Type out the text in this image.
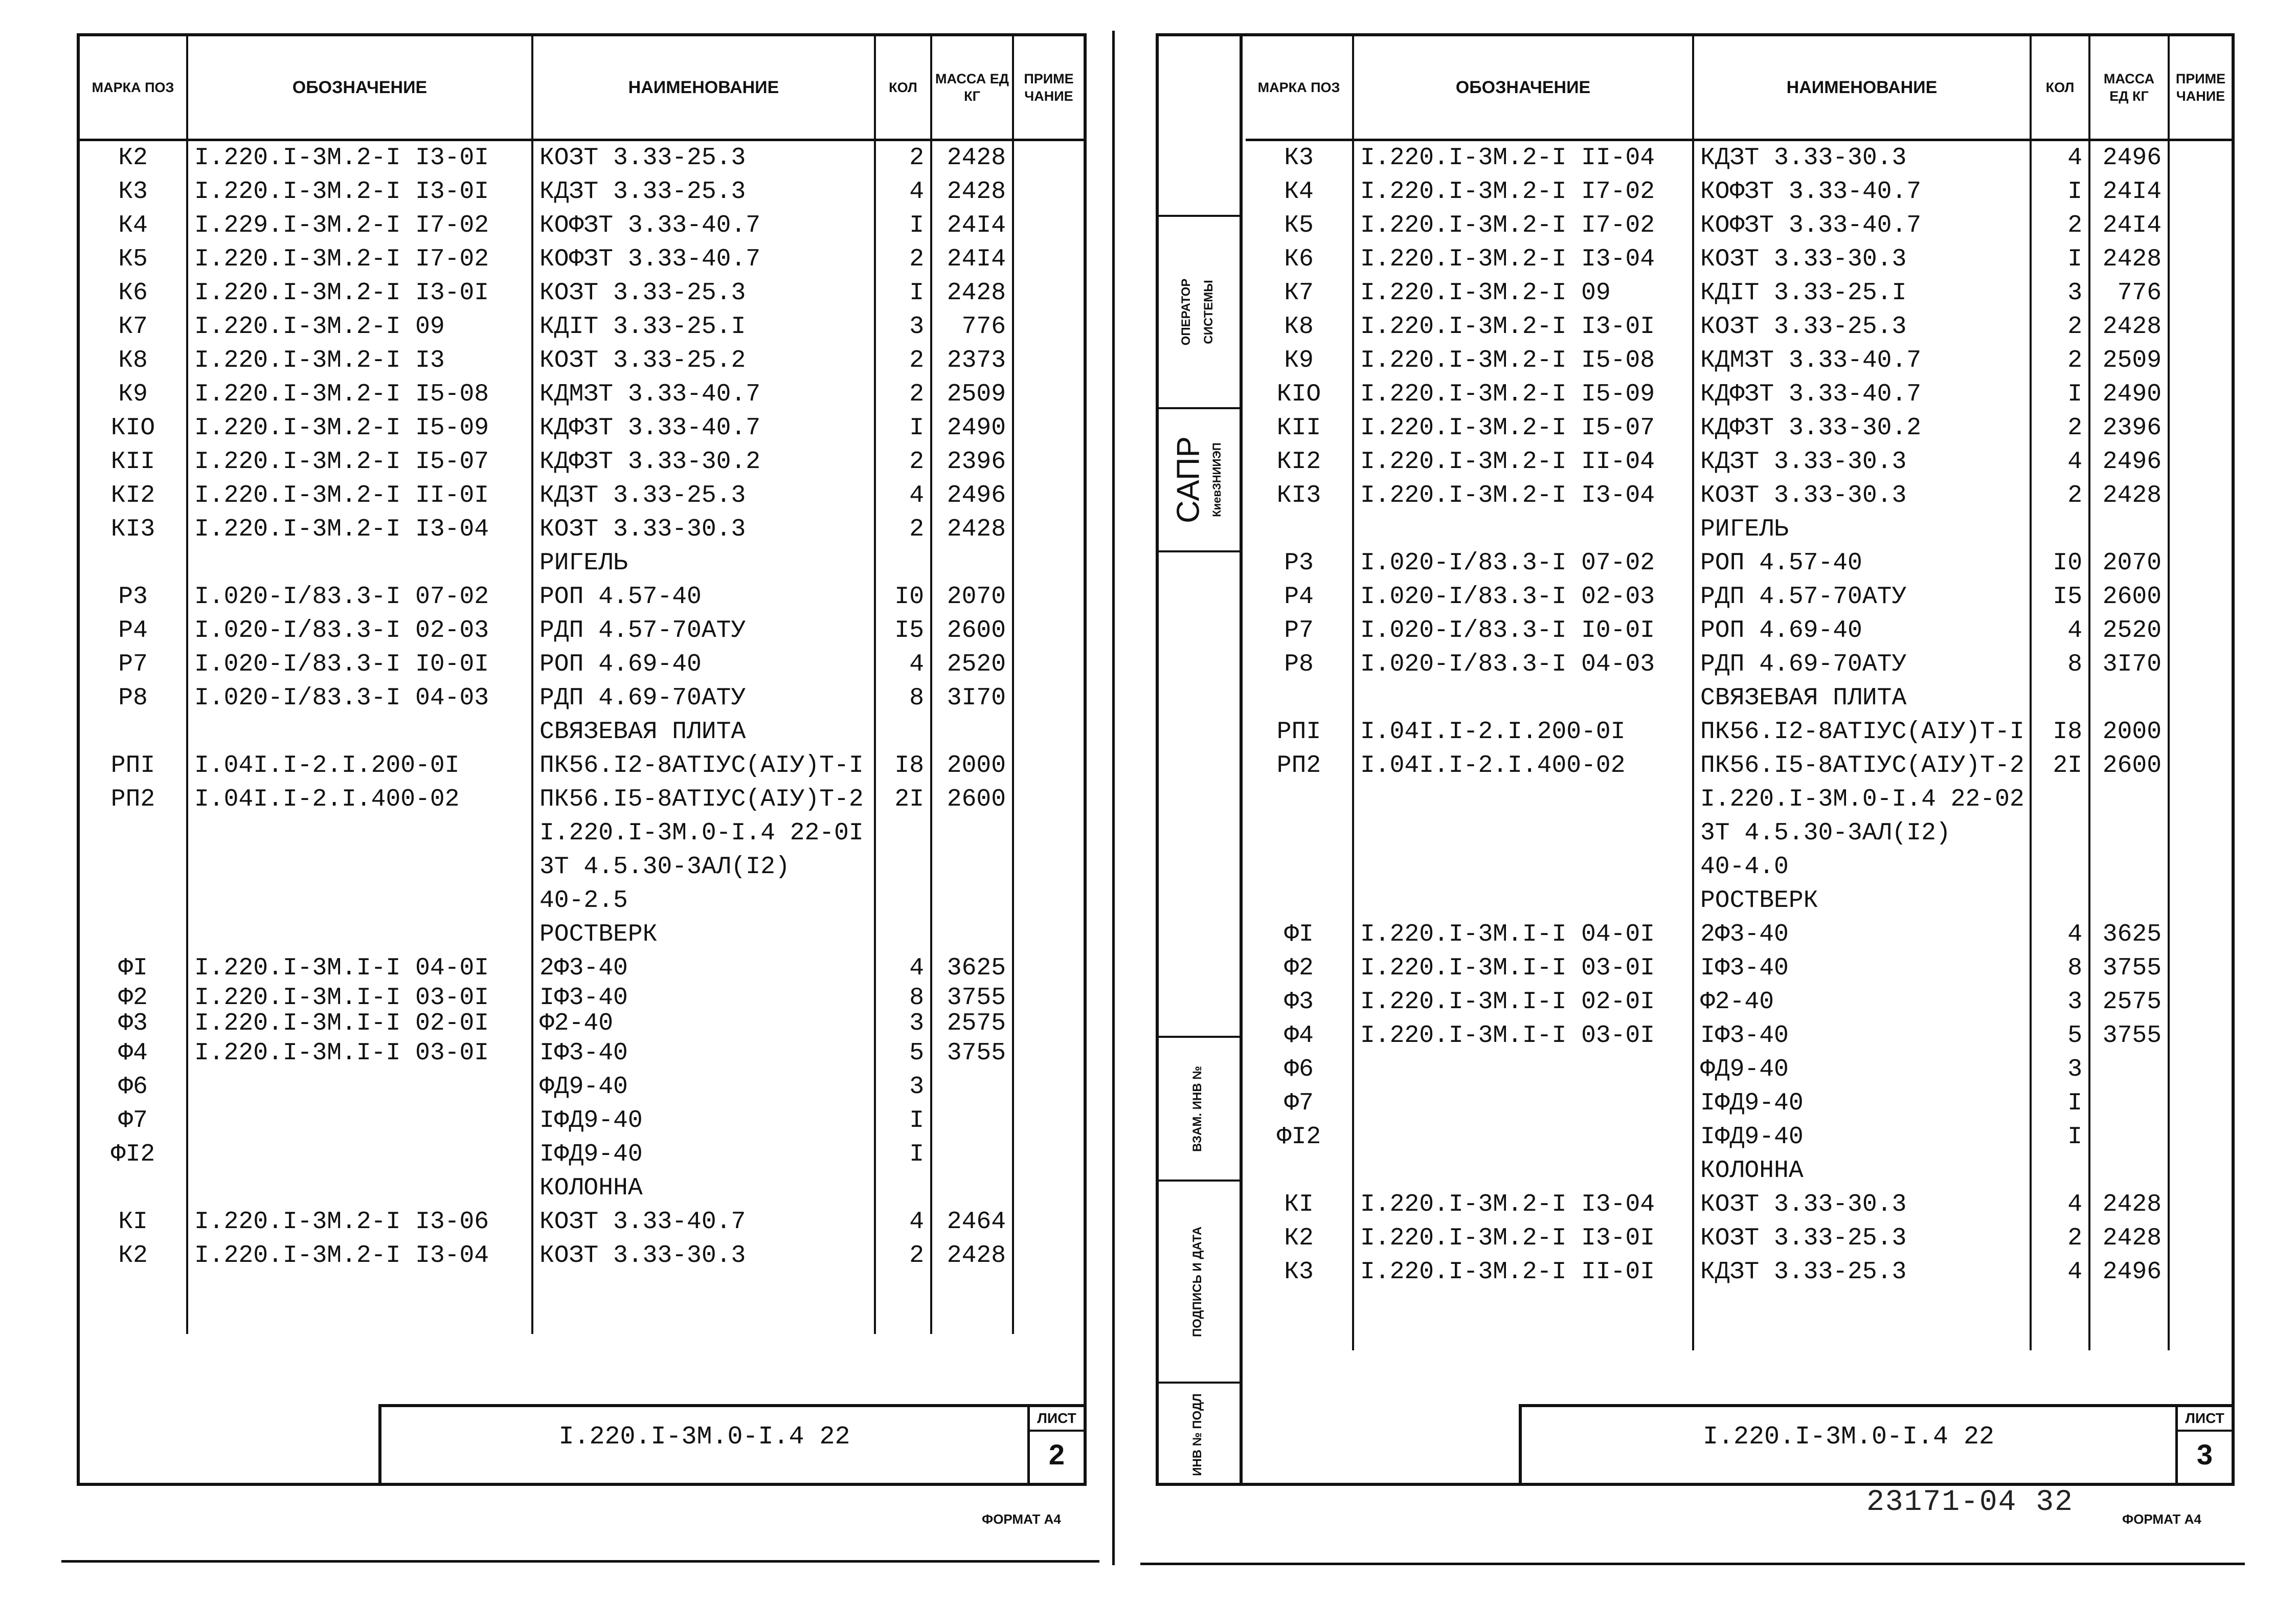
МАРКА ПОЗ	ОБОЗНАЧЕНИЕ	НАИМЕНОВАНИЕ	КОЛ	МАССА ЕД КГ	ПРИМЕ ЧАНИЕ
К2	I.220.I-3M.2-I I3-0I	КОЗТ 3.33-25.3	2	2428	
К3	I.220.I-3M.2-I I3-0I	КДЗТ 3.33-25.3	4	2428	
К4	I.229.I-3M.2-I I7-02	КОФЗТ 3.33-40.7	I	24I4	
К5	I.220.I-3M.2-I I7-02	КОФЗТ 3.33-40.7	2	24I4	
К6	I.220.I-3M.2-I I3-0I	КОЗТ 3.33-25.3	I	2428	
К7	I.220.I-3M.2-I 09	КДIТ 3.33-25.I	3	776	
К8	I.220.I-3M.2-I I3	КОЗТ 3.33-25.2	2	2373	
К9	I.220.I-3M.2-I I5-08	КДМЗТ 3.33-40.7	2	2509	
КIО	I.220.I-3M.2-I I5-09	КДФЗТ 3.33-40.7	I	2490	
КII	I.220.I-3M.2-I I5-07	КДФЗТ 3.33-30.2	2	2396	
КI2	I.220.I-3M.2-I II-0I	КДЗТ 3.33-25.3	4	2496	
КI3	I.220.I-3M.2-I I3-04	КОЗТ 3.33-30.3	2	2428	
		РИГЕЛЬ			
Р3	I.020-I/83.3-I 07-02	РОП 4.57-40	I0	2070	
Р4	I.020-I/83.3-I 02-03	РДП 4.57-70АТУ	I5	2600	
Р7	I.020-I/83.3-I I0-0I	РОП 4.69-40	4	2520	
Р8	I.020-I/83.3-I 04-03	РДП 4.69-70АТУ	8	3I70	
		СВЯЗЕВАЯ ПЛИТА			
РПI	I.04I.I-2.I.200-0I	ПК56.I2-8АТIУС(АIУ)Т-I	I8	2000	
РП2	I.04I.I-2.I.400-02	ПК56.I5-8АТIУС(АIУ)Т-2	2I	2600	
		I.220.I-3M.0-I.4 22-0I			
		3Т 4.5.30-3АЛ(I2)			
		40-2.5			
		РОСТВЕРК			
ФI	I.220.I-3M.I-I 04-0I	2Ф3-40	4	3625	
Ф2	I.220.I-3M.I-I 03-0I	IФ3-40	8	3755	
Ф3	I.220.I-3M.I-I 02-0I	Ф2-40	3	2575	
Ф4	I.220.I-3M.I-I 03-0I	IФ3-40	5	3755	
Ф6		ФД9-40	3		
Ф7		IФД9-40	I		
ФI2		IФД9-40	I		
		КОЛОННА			
КI	I.220.I-3M.2-I I3-06	КОЗТ 3.33-40.7	4	2464	
К2	I.220.I-3M.2-I I3-04	КОЗТ 3.33-30.3	2	2428	

I.220.I-3M.0-I.4 22
ЛИСТ
2
ФОРМАТ А4
ОПЕРАТОР СИСТЕМЫ
САПР КиевЗНИИЭП
ВЗАМ. ИНВ №
ПОДПИСЬ И ДАТА
ИНВ № ПОДЛ
МАРКА ПОЗ	ОБОЗНАЧЕНИЕ	НАИМЕНОВАНИЕ	КОЛ	МАССА ЕД КГ	ПРИМЕ ЧАНИЕ
К3	I.220.I-3M.2-I II-04	КДЗТ 3.33-30.3	4	2496	
К4	I.220.I-3M.2-I I7-02	КОФЗТ 3.33-40.7	I	24I4	
К5	I.220.I-3M.2-I I7-02	КОФЗТ 3.33-40.7	2	24I4	
К6	I.220.I-3M.2-I I3-04	КОЗТ 3.33-30.3	I	2428	
К7	I.220.I-3M.2-I 09	КДIТ 3.33-25.I	3	776	
К8	I.220.I-3M.2-I I3-0I	КОЗТ 3.33-25.3	2	2428	
К9	I.220.I-3M.2-I I5-08	КДМЗТ 3.33-40.7	2	2509	
КIО	I.220.I-3M.2-I I5-09	КДФЗТ 3.33-40.7	I	2490	
КII	I.220.I-3M.2-I I5-07	КДФЗТ 3.33-30.2	2	2396	
КI2	I.220.I-3M.2-I II-04	КДЗТ 3.33-30.3	4	2496	
КI3	I.220.I-3M.2-I I3-04	КОЗТ 3.33-30.3	2	2428	
		РИГЕЛЬ			
Р3	I.020-I/83.3-I 07-02	РОП 4.57-40	I0	2070	
Р4	I.020-I/83.3-I 02-03	РДП 4.57-70АТУ	I5	2600	
Р7	I.020-I/83.3-I I0-0I	РОП 4.69-40	4	2520	
Р8	I.020-I/83.3-I 04-03	РДП 4.69-70АТУ	8	3I70	
		СВЯЗЕВАЯ ПЛИТА			
РПI	I.04I.I-2.I.200-0I	ПК56.I2-8АТIУС(АIУ)Т-I	I8	2000	
РП2	I.04I.I-2.I.400-02	ПК56.I5-8АТIУС(АIУ)Т-2	2I	2600	
		I.220.I-3M.0-I.4 22-02			
		3Т 4.5.30-3АЛ(I2)			
		40-4.0			
		РОСТВЕРК			
ФI	I.220.I-3M.I-I 04-0I	2Ф3-40	4	3625	
Ф2	I.220.I-3M.I-I 03-0I	IФ3-40	8	3755	
Ф3	I.220.I-3M.I-I 02-0I	Ф2-40	3	2575	
Ф4	I.220.I-3M.I-I 03-0I	IФ3-40	5	3755	
Ф6		ФД9-40	3		
Ф7		IФД9-40	I		
ФI2		IФД9-40	I		
		КОЛОННА			
КI	I.220.I-3M.2-I I3-04	КОЗТ 3.33-30.3	4	2428	
К2	I.220.I-3M.2-I I3-0I	КОЗТ 3.33-25.3	2	2428	
К3	I.220.I-3M.2-I II-0I	КДЗТ 3.33-25.3	4	2496	

I.220.I-3M.0-I.4 22
ЛИСТ
3
23171-04 32	ФОРМАТ А4
